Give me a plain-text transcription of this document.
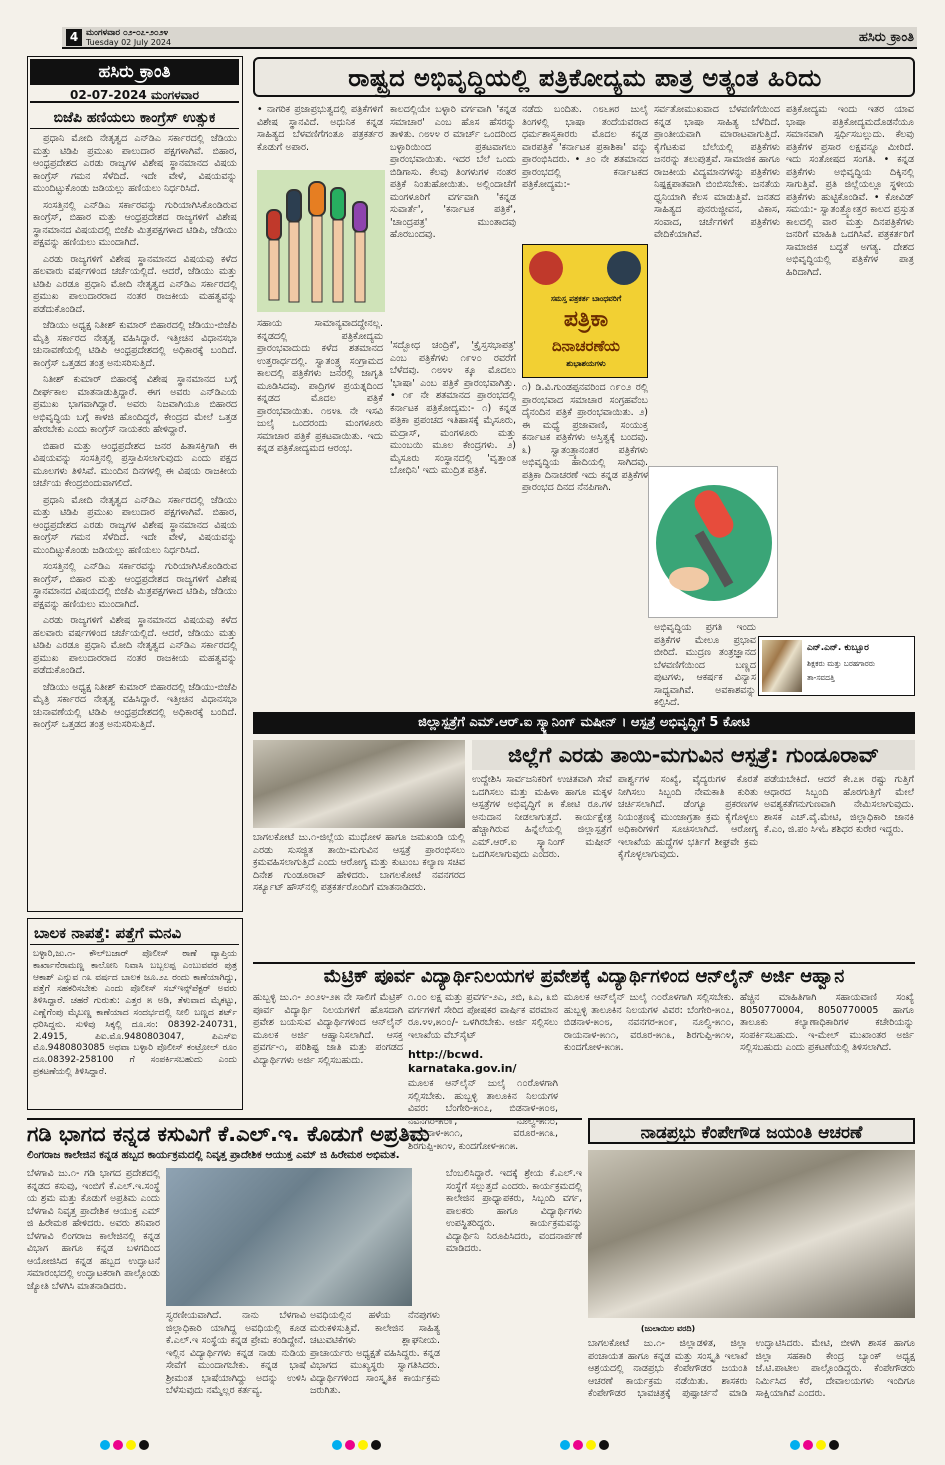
4 ಮಂಗಳವಾರ ೦೨-೦೭-೨೦೨೪
Tuesday 02 July 2024	ಹಸಿರು ಕ್ರಾಂತಿ
ಹಸಿರು ಕ್ರಾಂತಿ
02-07-2024 ಮಂಗಳವಾರ
ಬಿಜೆಪಿ ಹಣಿಯಲು ಕಾಂಗ್ರೆಸ್ ಉತ್ಸುಕ

ಪ್ರಧಾನಿ ಮೋದಿ ನೇತೃತ್ವದ ಎನ್‌ಡಿಎ ಸರ್ಕಾರದಲ್ಲಿ ಜೆಡಿಯು ಮತ್ತು ಟಿಡಿಪಿ ಪ್ರಮುಖ ಪಾಲುದಾರ ಪಕ್ಷಗಳಾಗಿವೆ. ಬಿಹಾರ, ಆಂಧ್ರಪ್ರದೇಶದ ಎರಡು ರಾಜ್ಯಗಳ ವಿಶೇಷ ಸ್ಥಾನಮಾನದ ವಿಷಯ ಕಾಂಗ್ರೆಸ್ ಗಮನ ಸೆಳೆದಿದೆ. ಇದೇ ವೇಳೆ, ವಿಷಯವನ್ನು ಮುಂದಿಟ್ಟುಕೊಂಡು ಜಡಿಯಲ್ಲು ಹಣಿಯಲು ನಿರ್ಧರಿಸಿದೆ.

ಸಂಸತ್ತಿನಲ್ಲಿ ಎನ್‌ಡಿಎ ಸರ್ಕಾರವನ್ನು ಗುರಿಯಾಗಿಸಿಕೊಂಡಿರುವ ಕಾಂಗ್ರೆಸ್, ಬಿಹಾರ ಮತ್ತು ಆಂಧ್ರಪ್ರದೇಶದ ರಾಜ್ಯಗಳಿಗೆ ವಿಶೇಷ ಸ್ಥಾನಮಾನದ ವಿಷಯದಲ್ಲಿ ಬಿಜೆಪಿ ಮಿತ್ರಪಕ್ಷಗಳಾದ ಟಿಡಿಪಿ, ಜೆಡಿಯು ಪಕ್ಷವನ್ನು ಹಣಿಯಲು ಮುಂದಾಗಿದೆ.

ಎರಡು ರಾಜ್ಯಗಳಿಗೆ ವಿಶೇಷ ಸ್ಥಾನಮಾನದ ವಿಷಯವು ಕಳೆದ ಹಲವಾರು ವರ್ಷಗಳಿಂದ ಚರ್ಚೆಯಲ್ಲಿದೆ. ಆದರೆ, ಜೆಡಿಯು ಮತ್ತು ಟಿಡಿಪಿ ಎರಡೂ ಪ್ರಧಾನಿ ಮೋದಿ ನೇತೃತ್ವದ ಎನ್‌ಡಿಎ ಸರ್ಕಾರದಲ್ಲಿ ಪ್ರಮುಖ ಪಾಲುದಾರರಾದ ನಂತರ ರಾಜಕೀಯ ಮಹತ್ವವನ್ನು ಪಡೆದುಕೊಂಡಿದೆ.

ಜೆಡಿಯು ಅಧ್ಯಕ್ಷ ನಿತೀಶ್ ಕುಮಾರ್ ಬಿಹಾರದಲ್ಲಿ ಜೆಡಿಯು-ಬಿಜೆಪಿ ಮೈತ್ರಿ ಸರ್ಕಾರದ ನೇತೃತ್ವ ವಹಿಸಿದ್ದಾರೆ. ಇತ್ತೀಚಿನ ವಿಧಾನಸಭಾ ಚುನಾವಣೆಯಲ್ಲಿ ಟಿಡಿಪಿ ಆಂಧ್ರಪ್ರದೇಶದಲ್ಲಿ ಅಧಿಕಾರಕ್ಕೆ ಬಂದಿದೆ. ಕಾಂಗ್ರೆಸ್ ಒತ್ತಡದ ತಂತ್ರ ಅನುಸರಿಸುತ್ತಿದೆ.

ನಿತೀಶ್ ಕುಮಾರ್ ಬಿಹಾರಕ್ಕೆ ವಿಶೇಷ ಸ್ಥಾನಮಾನದ ಬಗ್ಗೆ ದೀರ್ಘಕಾಲ ಮಾತನಾಡುತ್ತಿದ್ದಾರೆ. ಈಗ ಅವರು ಎನ್‌ಡಿಎಯ ಪ್ರಮುಖ ಭಾಗವಾಗಿದ್ದಾರೆ. ಅವರು ನಿಜವಾಗಿಯೂ ಬಿಹಾರದ ಅಭಿವೃದ್ಧಿಯ ಬಗ್ಗೆ ಕಾಳಜಿ ಹೊಂದಿದ್ದರೆ, ಕೇಂದ್ರದ ಮೇಲೆ ಒತ್ತಡ ಹೇರಬೇಕು ಎಂದು ಕಾಂಗ್ರೆಸ್ ನಾಯಕರು ಹೇಳಿದ್ದಾರೆ.

ಬಿಹಾರ ಮತ್ತು ಆಂಧ್ರಪ್ರದೇಶದ ಜನರ ಹಿತಾಸಕ್ತಿಗಾಗಿ ಈ ವಿಷಯವನ್ನು ಸಂಸತ್ತಿನಲ್ಲಿ ಪ್ರಸ್ತಾಪಿಸಲಾಗುವುದು ಎಂದು ಪಕ್ಷದ ಮೂಲಗಳು ತಿಳಿಸಿವೆ. ಮುಂದಿನ ದಿನಗಳಲ್ಲಿ ಈ ವಿಷಯ ರಾಜಕೀಯ ಚರ್ಚೆಯ ಕೇಂದ್ರಬಿಂದುವಾಗಲಿದೆ.

ಪ್ರಧಾನಿ ಮೋದಿ ನೇತೃತ್ವದ ಎನ್‌ಡಿಎ ಸರ್ಕಾರದಲ್ಲಿ ಜೆಡಿಯು ಮತ್ತು ಟಿಡಿಪಿ ಪ್ರಮುಖ ಪಾಲುದಾರ ಪಕ್ಷಗಳಾಗಿವೆ. ಬಿಹಾರ, ಆಂಧ್ರಪ್ರದೇಶದ ಎರಡು ರಾಜ್ಯಗಳ ವಿಶೇಷ ಸ್ಥಾನಮಾನದ ವಿಷಯ ಕಾಂಗ್ರೆಸ್ ಗಮನ ಸೆಳೆದಿದೆ. ಇದೇ ವೇಳೆ, ವಿಷಯವನ್ನು ಮುಂದಿಟ್ಟುಕೊಂಡು ಜಡಿಯಲ್ಲು ಹಣಿಯಲು ನಿರ್ಧರಿಸಿದೆ.

ಸಂಸತ್ತಿನಲ್ಲಿ ಎನ್‌ಡಿಎ ಸರ್ಕಾರವನ್ನು ಗುರಿಯಾಗಿಸಿಕೊಂಡಿರುವ ಕಾಂಗ್ರೆಸ್, ಬಿಹಾರ ಮತ್ತು ಆಂಧ್ರಪ್ರದೇಶದ ರಾಜ್ಯಗಳಿಗೆ ವಿಶೇಷ ಸ್ಥಾನಮಾನದ ವಿಷಯದಲ್ಲಿ ಬಿಜೆಪಿ ಮಿತ್ರಪಕ್ಷಗಳಾದ ಟಿಡಿಪಿ, ಜೆಡಿಯು ಪಕ್ಷವನ್ನು ಹಣಿಯಲು ಮುಂದಾಗಿದೆ.

ಎರಡು ರಾಜ್ಯಗಳಿಗೆ ವಿಶೇಷ ಸ್ಥಾನಮಾನದ ವಿಷಯವು ಕಳೆದ ಹಲವಾರು ವರ್ಷಗಳಿಂದ ಚರ್ಚೆಯಲ್ಲಿದೆ. ಆದರೆ, ಜೆಡಿಯು ಮತ್ತು ಟಿಡಿಪಿ ಎರಡೂ ಪ್ರಧಾನಿ ಮೋದಿ ನೇತೃತ್ವದ ಎನ್‌ಡಿಎ ಸರ್ಕಾರದಲ್ಲಿ ಪ್ರಮುಖ ಪಾಲುದಾರರಾದ ನಂತರ ರಾಜಕೀಯ ಮಹತ್ವವನ್ನು ಪಡೆದುಕೊಂಡಿದೆ.

ಜೆಡಿಯು ಅಧ್ಯಕ್ಷ ನಿತೀಶ್ ಕುಮಾರ್ ಬಿಹಾರದಲ್ಲಿ ಜೆಡಿಯು-ಬಿಜೆಪಿ ಮೈತ್ರಿ ಸರ್ಕಾರದ ನೇತೃತ್ವ ವಹಿಸಿದ್ದಾರೆ. ಇತ್ತೀಚಿನ ವಿಧಾನಸಭಾ ಚುನಾವಣೆಯಲ್ಲಿ ಟಿಡಿಪಿ ಆಂಧ್ರಪ್ರದೇಶದಲ್ಲಿ ಅಧಿಕಾರಕ್ಕೆ ಬಂದಿದೆ. ಕಾಂಗ್ರೆಸ್ ಒತ್ತಡದ ತಂತ್ರ ಅನುಸರಿಸುತ್ತಿದೆ.

ಬಾಲಕ ನಾಪತ್ತೆ: ಪತ್ತೆಗೆ ಮನವಿ
ಬಳ್ಳಾರಿ,ಜು.೧- ಕೌಲ್‌ಬಜಾರ್ ಪೊಲೀಸ್ ಠಾಣೆ ವ್ಯಾಪ್ತಿಯ ಕಾರ್ಖಾನೆರಾಮಣ್ಣ ಕಾಲೋನಿ ನಿವಾಸಿ ಬಬ್ಬಲಪ್ಪ ಎಂಬುವವರ ಪುತ್ರ ಆಕಾಶ್ ಎನ್ನುವ ೧೩ ವರ್ಷದ ಬಾಲಕ ಜೂ.೨೭ ರಂದು ಕಾಣೆಯಾಗಿದ್ದು, ಪತ್ತೆಗೆ ಸಹಕರಿಸಬೇಕು ಎಂದು ಪೊಲೀಸ್ ಸಬ್‌ಇನ್ಸ್‌ಪೆಕ್ಟರ್ ಅವರು ತಿಳಿಸಿದ್ದಾರೆ. ಚಹರೆ ಗುರುತು: ಎತ್ತರ ೫ ಅಡಿ, ತೆಳುವಾದ ಮೈಕಟ್ಟು, ಎಣ್ಣೆಗೆಂಪು ಮೈಬಣ್ಣ ಕಾಣೆಯಾದ ಸಂದರ್ಭದಲ್ಲಿ ನೀಲಿ ಬಣ್ಣದ ಶರ್ಟ್ ಧರಿಸಿದ್ದನು. ಸುಳಿವು ಸಿಕ್ಕಲ್ಲಿ ದೂ.ಸಂ: 08392-240731, 2.4915, ಪಿಐ.ಮೊ.9480803047, ಪಿಎಸ್‌ಐ ಮೊ.9480803085 ಅಥವಾ ಬಳ್ಳಾರಿ ಪೊಲೀಸ್ ಕಂಟ್ರೋಲ್ ರೂಂ ದೂ.08392-258100 ಗೆ ಸಂಪರ್ಕಿಸಬಹುದು ಎಂದು ಪ್ರಕಟಣೆಯಲ್ಲಿ ತಿಳಿಸಿದ್ದಾರೆ.
ರಾಷ್ಟ್ರದ ಅಭಿವೃದ್ಧಿಯಲ್ಲಿ ಪತ್ರಿಕೋದ್ಯಮ ಪಾತ್ರ ಅತ್ಯಂತ ಹಿರಿದು
• ನಾಗರಿಕ ಪ್ರಜಾಪ್ರಭುತ್ವದಲ್ಲಿ ಪತ್ರಿಕೆಗಳಿಗೆ ವಿಶೇಷ ಸ್ಥಾನವಿದೆ. ಅಧುನಿಕ ಕನ್ನಡ ಸಾಹಿತ್ಯದ ಬೆಳವಣಿಗೆಗಂತೂ ಪತ್ರಕರ್ತರ ಕೊಡುಗೆ ಅಪಾರ.
ಸಹಾಯ ಸಾಮಾನ್ಯವಾದದ್ದೇನಲ್ಲ. ಕನ್ನಡದಲ್ಲಿ ಪತ್ರಿಕೋದ್ಯಮ ಪ್ರಾರಂಭವಾದುದು ಕಳೆದ ಶತಮಾನದ ಉತ್ತರಾರ್ಧದಲ್ಲಿ. ಸ್ವಾತಂತ್ರ್ಯ ಸಂಗ್ರಾಮದ ಕಾಲದಲ್ಲಿ ಪತ್ರಿಕೆಗಳು ಜನರಲ್ಲಿ ಜಾಗೃತಿ ಮೂಡಿಸಿದವು. ಪಾದ್ರಿಗಳ ಪ್ರಯತ್ನದಿಂದ ಕನ್ನಡದ ಮೊದಲ ಪತ್ರಿಕೆ ಪ್ರಾರಂಭವಾಯಿತು. ೧೮೪೩ ನೇ ಇಸವಿ ಜುಲೈ ಒಂದರಂದು ಮಂಗಳೂರು ಸಮಾಚಾರ ಪತ್ರಿಕೆ ಪ್ರಕಟವಾಯಿತು. ಇದು ಕನ್ನಡ ಪತ್ರಿಕೋದ್ಯಮದ ಆರಂಭ.
ಕಾಲದಲ್ಲಿಯೇ ಬಳ್ಳಾರಿ ವರ್ಗವಾಗಿ 'ಕನ್ನಡ ಸಮಾಚಾರ' ಎಂಬ ಹೊಸ ಹೆಸರನ್ನು ತಾಳಿತು. ೧೮೪೪ ರ ಮಾರ್ಚ್ ಒಂದರಿಂದ ಬಳ್ಳಾರಿಯಿಂದ ಪ್ರಕಟವಾಗಲು ಪ್ರಾರಂಭವಾಯಿತು. ಇದರ ಬೆಲೆ ಒಂದು ಬಿಡಿಗಾಸು. ಕೆಲವು ತಿಂಗಳುಗಳ ನಂತರ ಪತ್ರಿಕೆ ನಿಂತುಹೋಯಿತು. ಅಲ್ಲಿಂದಾಚೆಗೆ ಮಂಗಳೂರಿಗೆ ವರ್ಗವಾಗಿ 'ಕನ್ನಡ ಸುವಾರ್ತೆ', 'ಕರ್ನಾಟಕ ಪತ್ರಿಕೆ', 'ಚಾಂದ್ರಪತ್ರ' ಮುಂತಾದವು ಹೊರಬಂದವು.
'ಸದ್ಬೋಧ ಚಂದ್ರಿಕೆ', 'ಕ್ರೈಸ್ತಸಭಾಪತ್ರ' ಎಂಬ ಪತ್ರಿಕೆಗಳು ೧೯೪೦ ರವರೆಗೆ ಬೆಳೆದವು. ೧೮೪೪ ಕ್ಕೂ ಮೊದಲು 'ಭಾಷಾ' ಎಂಬ ಪತ್ರಿಕೆ ಪ್ರಾರಂಭವಾಗಿತ್ತು. • ೧೯ ನೇ ಶತಮಾನದ ಪ್ರಾರಂಭದಲ್ಲಿ ಕರ್ನಾಟಕ ಪತ್ರಿಕೋದ್ಯಮ:- ೧) ಕನ್ನಡ ಪತ್ರಿಕಾ ಪ್ರಪಂಚದ ಇತಿಹಾಸಕ್ಕೆ ಮೈಸೂರು, ಮದ್ರಾಸ್, ಮಂಗಳೂರು ಮತ್ತು ಮುಂಬಯಿ ಮೂಲ ಕೇಂದ್ರಗಳು. ೨) ಮೈಸೂರು ಸಂಸ್ಥಾನದಲ್ಲಿ 'ವೃತ್ತಾಂತ ಬೋಧಿನಿ' ಇದು ಮುದ್ರಿತ ಪತ್ರಿಕೆ.
ನಡೆದು ಬಂದಿತು. ೧೮೬೫ರ ಜುಲೈ ತಿಂಗಳಲ್ಲಿ ಭಾಷಾ ತಂದೆಯವರಾದ ಧರ್ಮಶಾಸ್ತ್ರಕಾರರು ಮೊದಲ ಕನ್ನಡ ವಾರಪತ್ರಿಕೆ 'ಕರ್ನಾಟಕ ಪ್ರಕಾಶಿಕಾ' ವನ್ನು ಪ್ರಾರಂಭಿಸಿದರು. • ೨೦ ನೇ ಶತಮಾನದ ಪ್ರಾರಂಭದಲ್ಲಿ ಕರ್ನಾಟಕದ ಪತ್ರಿಕೋದ್ಯಮ:-
ಸಮಸ್ತ ಪತ್ರಕರ್ತ ಬಾಂಧವರಿಗೆ
ಪತ್ರಿಕಾ
ದಿನಾಚರಣೆಯ
ಶುಭಾಶಯಗಳು
೧) ಡಿ.ವಿ.ಗುಂಡಪ್ಪನವರಿಂದ ೧೯೦೨ ರಲ್ಲಿ ಪ್ರಾರಂಭವಾದ ಸಮಾಚಾರ ಸಂಗ್ರಹವೆಂಬ ದೈನಂದಿನ ಪತ್ರಿಕೆ ಪ್ರಾರಂಭವಾಯಿತು. ೨) ಈ ಮಧ್ಯೆ ಪ್ರಜಾವಾಣಿ, ಸಂಯುಕ್ತ ಕರ್ನಾಟಕ ಪತ್ರಿಕೆಗಳು ಅಸ್ತಿತ್ವಕ್ಕೆ ಬಂದವು. ೩) ಸ್ವಾತಂತ್ರ್ಯಾನಂತರ ಪತ್ರಿಕೆಗಳು ಅಭಿವೃದ್ಧಿಯ ಹಾದಿಯಲ್ಲಿ ಸಾಗಿದವು. ಪತ್ರಿಕಾ ದಿನಾಚರಣೆ ಇದು ಕನ್ನಡ ಪತ್ರಿಕೆಗಳ ಪ್ರಾರಂಭದ ದಿನದ ನೆನಪಿಗಾಗಿ.
ಸರ್ವತೋಮುಖವಾದ ಬೆಳವಣಿಗೆಯಿಂದ ಕನ್ನಡ ಭಾಷಾ ಸಾಹಿತ್ಯ ಬೆಳೆದಿದೆ. ಪ್ರಾಂತೀಯವಾಗಿ ಮಾರಾಟವಾಗುತ್ತಿದೆ. ಕೈಗೆಟಕುವ ಬೆಲೆಯಲ್ಲಿ ಪತ್ರಿಕೆಗಳು ಜನರನ್ನು ತಲುಪುತ್ತವೆ. ಸಾಮಾಜಿಕ ಹಾಗೂ ರಾಜಕೀಯ ವಿದ್ಯಮಾನಗಳನ್ನು ಪತ್ರಿಕೆಗಳು ನಿಷ್ಪಕ್ಷಪಾತವಾಗಿ ಬಿಂಬಿಸಬೇಕು. ಜನತೆಯ ಧ್ವನಿಯಾಗಿ ಕೆಲಸ ಮಾಡುತ್ತಿವೆ. ಜನತದ ಸಾಹಿತ್ಯದ ಪುನರುಜ್ಜೀವನ, ವಿಕಾಸ, ಸಂವಾದ, ಚರ್ಚೆಗಳಿಗೆ ಪತ್ರಿಕೆಗಳು ವೇದಿಕೆಯಾಗಿವೆ.
ಅಭಿವೃದ್ಧಿಯ ಪ್ರಗತಿ ಇಂದು ಪತ್ರಿಕೆಗಳ ಮೇಲೂ ಪ್ರಭಾವ ಬೀರಿದೆ. ಮುದ್ರಣ ತಂತ್ರಜ್ಞಾನದ ಬೆಳವಣಿಗೆಯಿಂದ ಬಣ್ಣದ ಪುಟಗಳು, ಆಕರ್ಷಕ ವಿನ್ಯಾಸ ಸಾಧ್ಯವಾಗಿವೆ. ಅವಕಾಶವನ್ನು ಕಲ್ಪಿಸಿದೆ.
ಪತ್ರಿಕೋದ್ಯಮ ಇಂದು ಇತರ ಯಾವ ಭಾಷಾ ಪತ್ರಿಕೋದ್ಯಮದೊಡನೆಯೂ ಸಮಾನವಾಗಿ ಸ್ಪರ್ಧಿಸಬಲ್ಲುದು. ಕೆಲವು ಪತ್ರಿಕೆಗಳ ಪ್ರಸಾರ ಲಕ್ಷವನ್ನೂ ಮೀರಿದೆ. ಇದು ಸಂತೋಷದ ಸಂಗತಿ. • ಕನ್ನಡ ಪತ್ರಿಕೆಗಳು ಅಭಿವೃದ್ಧಿಯ ದಿಕ್ಕಿನಲ್ಲಿ ಸಾಗುತ್ತಿವೆ. ಪ್ರತಿ ಜಿಲ್ಲೆಯಲ್ಲೂ ಸ್ಥಳೀಯ ಪತ್ರಿಕೆಗಳು ಹುಟ್ಟಿಕೊಂಡಿವೆ. • ಕೋವಿಡ್ ಸಮಯ:- ಸ್ವಾತಂತ್ರ್ಯೋತ್ತರ ಕಾಲದ ಪ್ರಸ್ತುತ ಕಾಲದಲ್ಲಿ ವಾರ ಮತ್ತು ದಿನಪತ್ರಿಕೆಗಳು ಜನರಿಗೆ ಮಾಹಿತಿ ಒದಗಿಸಿವೆ. ಪತ್ರಕರ್ತರಿಗೆ ಸಾಮಾಜಿಕ ಬದ್ಧತೆ ಅಗತ್ಯ. ದೇಶದ ಅಭಿವೃದ್ಧಿಯಲ್ಲಿ ಪತ್ರಿಕೆಗಳ ಪಾತ್ರ ಹಿರಿದಾಗಿದೆ.
ಎನ್.ಎನ್. ಕುಬ್ಬೂರ
ಶಿಕ್ಷಕರು ಮತ್ತು ಬರಹಗಾರರು
ತಾ-ಸವದತ್ತಿ
ಜಿಲ್ಲಾಸ್ಪತ್ರೆಗೆ ಎಮ್.ಆರ್.ಐ ಸ್ಕ್ಯಾನಿಂಗ್ ಮಷೀನ್ । ಆಸ್ಪತ್ರೆ ಅಭಿವೃದ್ಧಿಗೆ 5 ಕೋಟಿ
ಜಿಲ್ಲೆಗೆ ಎರಡು ತಾಯಿ-ಮಗುವಿನ ಆಸ್ಪತ್ರೆ: ಗುಂಡೂರಾವ್
ಬಾಗಲಕೋಟೆ ಜು.೧-ಜಿಲ್ಲೆಯ ಮುಧೋಳ ಹಾಗೂ ಜಮಖಂಡಿ ಯಲ್ಲಿ ಎರಡು ಸುಸಜ್ಜಿತ ತಾಯಿ-ಮಗುವಿನ ಆಸ್ಪತ್ರೆ ಪ್ರಾರಂಭಿಸಲು ಕ್ರಮವಹಿಸಲಾಗುತ್ತಿದೆ ಎಂದು ಆರೋಗ್ಯ ಮತ್ತು ಕುಟುಂಬ ಕಲ್ಯಾಣ ಸಚಿವ ದಿನೇಶ ಗುಂಡೂರಾವ್ ಹೇಳಿದರು. ಬಾಗಲಕೋಟೆ ನವನಗರದ ಸರ್ಕ್ಯೂಟ್ ಹೌಸ್‌ನಲ್ಲಿ ಪತ್ರಕರ್ತರೊಂದಿಗೆ ಮಾತನಾಡಿದರು.
ಉದ್ದೇಶಿಸಿ ಸಾರ್ವಜನಿಕರಿಗೆ ಉಚಿತವಾಗಿ ಸೇವೆ ಒದಗಿಸಲು ಮತ್ತು ಮಹಿಳಾ ಹಾಗೂ ಮಕ್ಕಳ ಆಸ್ಪತ್ರೆಗಳ ಅಭಿವೃದ್ಧಿಗೆ ೫ ಕೋಟಿ ರೂ.ಗಳ ಅನುದಾನ ನೀಡಲಾಗುತ್ತದೆ. ಕಾರ್ಯಕ್ಷೇತ್ರ ಹೆಚ್ಚಾಗಿರುವ ಹಿನ್ನೆಲೆಯಲ್ಲಿ ಜಿಲ್ಲಾಸ್ಪತ್ರೆಗೆ ಎಮ್.ಆರ್.ಐ ಸ್ಕ್ಯಾನಿಂಗ್ ಮಷೀನ್ ಒದಗಿಸಲಾಗುವುದು ಎಂದರು.
ಪಾರ್ಶ್ವಗಳ ಸಂಖ್ಯೆ, ವೈದ್ಯರುಗಳ ಕೊರತೆ ನೀಗಿಸಲು ಸಿಬ್ಬಂದಿ ನೇಮಕಾತಿ ಕುರಿತು ಚರ್ಚಿಸಲಾಗಿದೆ. ಡೆಂಗ್ಯೂ ಪ್ರಕರಣಗಳ ನಿಯಂತ್ರಣಕ್ಕೆ ಮುಂಜಾಗ್ರತಾ ಕ್ರಮ ಕೈಗೊಳ್ಳಲು ಅಧಿಕಾರಿಗಳಿಗೆ ಸೂಚಿಸಲಾಗಿದೆ. ಆರೋಗ್ಯ ಇಲಾಖೆಯ ಹುದ್ದೆಗಳ ಭರ್ತಿಗೆ ಶೀಘ್ರವೇ ಕ್ರಮ ಕೈಗೊಳ್ಳಲಾಗುವುದು.
ಪಡೆಯಬೇಕಿದೆ. ಆದರೆ ಕೇ.೭೫ ರಷ್ಟು ಗುತ್ತಿಗೆ ಆಧಾರದ ಸಿಬ್ಬಂದಿ ಹೊರಗುತ್ತಿಗೆ ಮೇಲೆ ಅವಶ್ಯಕತೆಗನುಗುಣವಾಗಿ ನೇಮಿಸಲಾಗುವುದು. ಶಾಸಕ ಎಚ್.ವೈ.ಮೇಟಿ, ಜಿಲ್ಲಾಧಿಕಾರಿ ಜಾನಕಿ ಕೆ.ಎಂ, ಜಿ.ಪಂ ಸಿಇಓ ಶಶಿಧರ ಕುರೇರ ಇದ್ದರು.
ಮೆಟ್ರಿಕ್ ಪೂರ್ವ ವಿದ್ಯಾರ್ಥಿನಿಲಯಗಳ ಪ್ರವೇಶಕ್ಕೆ ವಿದ್ಯಾರ್ಥಿಗಳಿಂದ ಆನ್‌ಲೈನ್ ಅರ್ಜಿ ಆಹ್ವಾನ
ಹುಬ್ಬಳ್ಳಿ ಜು.೧- ೨೦೨೪-೨೫ ನೇ ಸಾಲಿಗೆ ಮೆಟ್ರಿಕ್ ಪೂರ್ವ ವಿದ್ಯಾರ್ಥಿ ನಿಲಯಗಳಿಗೆ ಹೊಸದಾಗಿ ಪ್ರವೇಶ ಬಯಸುವ ವಿದ್ಯಾರ್ಥಿಗಳಿಂದ ಆನ್‌ಲೈನ್ ಮೂಲಕ ಅರ್ಜಿ ಆಹ್ವಾನಿಸಲಾಗಿದೆ. ಆಸಕ್ತ ಪ್ರವರ್ಗ-೧, ಪರಿಶಿಷ್ಟ ಜಾತಿ ಮತ್ತು ಪಂಗಡದ ವಿದ್ಯಾರ್ಥಿಗಳು ಅರ್ಜಿ ಸಲ್ಲಿಸಬಹುದು.
೧.೦೦ ಲಕ್ಷ ಮತ್ತು ಪ್ರವರ್ಗ-೨ಎ, ೨ಬಿ, ೩ಎ, ೩ಬಿ ವರ್ಗಗಳಿಗೆ ಸೇರಿದ ಪೋಷಕರ ವಾರ್ಷಿಕ ವರಮಾನ ರೂ.೪೪,೫೦೦/- ಒಳಗಿರಬೇಕು. ಅರ್ಜಿ ಸಲ್ಲಿಸಲು ಇಲಾಖೆಯ ವೆಬ್‌ಸೈಟ್
http://bcwd. karnataka.gov.in/
ಮೂಲಕ ಆನ್‌ಲೈನ್ ಜುಲೈ ೧೦ರೊಳಗಾಗಿ ಸಲ್ಲಿಸಬೇಕು. ಹುಬ್ಬಳ್ಳಿ ತಾಲೂಕಿನ ನಿಲಯಗಳ ವಿವರ: ಬೆಂಗೇರಿ-೫೦೭, ಬಿಡನಾಳ-೫೦೮, ನವನಗರ-೫೦೯, ನೂಲ್ವಿ-೫೧೦, ರಾಯನಾಳ-೫೧೧, ವರೂರ-೫೧೩, ಶಿರಗುಪ್ಪಿ-೫೧೪, ಕುಂದಗೋಳ-೫೧೫.
ಮೂಲಕ ಆನ್‌ಲೈನ್ ಜುಲೈ ೧೦ರೊಳಗಾಗಿ ಸಲ್ಲಿಸಬೇಕು. ಹುಬ್ಬಳ್ಳಿ ತಾಲೂಕಿನ ನಿಲಯಗಳ ವಿವರ: ಬೆಂಗೇರಿ-೫೦೭, ಬಿಡನಾಳ-೫೦೮, ನವನಗರ-೫೦೯, ನೂಲ್ವಿ-೫೧೦, ರಾಯನಾಳ-೫೧೧, ವರೂರ-೫೧೩, ಶಿರಗುಪ್ಪಿ-೫೧೪, ಕುಂದಗೋಳ-೫೧೫.
ಹೆಚ್ಚಿನ ಮಾಹಿತಿಗಾಗಿ ಸಹಾಯವಾಣಿ ಸಂಖ್ಯೆ 8050770004, 8050770005 ಹಾಗೂ ತಾಲೂಕು ಕಲ್ಯಾಣಾಧಿಕಾರಿಗಳ ಕಚೇರಿಯನ್ನು ಸಂಪರ್ಕಿಸಬಹುದು. ಇ-ಮೇಲ್ ಮುಖಾಂತರ ಅರ್ಜಿ ಸಲ್ಲಿಸಬಹುದು ಎಂದು ಪ್ರಕಟಣೆಯಲ್ಲಿ ತಿಳಿಸಲಾಗಿದೆ.
ಗಡಿ ಭಾಗದ ಕನ್ನಡ ಕಸುವಿಗೆ ಕೆ.ಎಲ್.ಇ. ಕೊಡುಗೆ ಅಪ್ರತಿಮ
ಲಿಂಗರಾಜ ಕಾಲೇಜಿನ ಕನ್ನಡ ಹಬ್ಬದ ಕಾರ್ಯಕ್ರಮದಲ್ಲಿ ನಿವೃತ್ತ ಪ್ರಾದೇಶಿಕ ಆಯುಕ್ತ ಎಮ್ ಜಿ ಹಿರೇಮಠ ಅಭಿಮತ.
ಬೆಳಗಾವಿ ಜು.೧- ಗಡಿ ಭಾಗದ ಪ್ರದೇಶದಲ್ಲಿ ಕನ್ನಡದ ಕಸುವು, ಇಂಬಿಗೆ ಕೆ.ಎಲ್.ಇ.ಸಂಸ್ಥೆ ಯ ಶ್ರಮ ಮತ್ತು ಕೊಡುಗೆ ಅಪ್ರತಿಮ ಎಂದು ಬೆಳಗಾವಿ ನಿವೃತ್ತ ಪ್ರಾದೇಶಿಕ ಆಯುಕ್ತ ಎಮ್ ಜಿ ಹಿರೇಮಠ ಹೇಳಿದರು. ಅವರು ಶನಿವಾರ ಬೆಳಗಾವಿ ಲಿಂಗರಾಜ ಕಾಲೇಜಿನಲ್ಲಿ ಕನ್ನಡ ವಿಭಾಗ ಹಾಗೂ ಕನ್ನಡ ಬಳಗದಿಂದ ಆಯೋಜಿಸಿದ ಕನ್ನಡ ಹಬ್ಬದ ಉದ್ಘಾಟನೆ ಸಮಾರಂಭದಲ್ಲಿ ಉದ್ಘಾಟಕರಾಗಿ ಪಾಲ್ಗೊಂಡು ಜ್ಯೋತಿ ಬೆಳಗಿಸಿ ಮಾತನಾಡಿದರು.
ಸ್ವರಣೀಯವಾಗಿದೆ. ನಾನು ಬೆಳಗಾವಿ ಜಿಲ್ಲಾಧಿಕಾರಿ ಯಾಗಿದ್ದ ಅವಧಿಯಲ್ಲಿ ಕೂಡ ಕೆ.ಎಲ್.ಇ ಸಂಸ್ಥೆಯ ಕನ್ನಡ ಪ್ರೇಮ ಕಂಡಿದ್ದೇನೆ. ಇಲ್ಲಿನ ವಿದ್ಯಾರ್ಥಿಗಳು ಕನ್ನಡ ನಾಡು ನುಡಿಯ ಸೇವೆಗೆ ಮುಂದಾಗಬೇಕು. ಕನ್ನಡ ಭಾಷೆ ಶ್ರೀಮಂತ ಭಾಷೆಯಾಗಿದ್ದು ಅದನ್ನು ಉಳಿಸಿ ಬೆಳೆಸುವುದು ನಮ್ಮೆಲ್ಲರ ಕರ್ತವ್ಯ.
ಅವಧಿಯಲ್ಲಿನ ಹಳೆಯ ನೆನಪುಗಳು ಮರುಕಳಿಸುತ್ತಿವೆ. ಕಾಲೇಜಿನ ಸಾಹಿತ್ಯ ಚಟುವಟಿಕೆಗಳು ಶ್ಲಾಘನೀಯ. ಪ್ರಾಚಾರ್ಯರು ಅಧ್ಯಕ್ಷತೆ ವಹಿಸಿದ್ದರು. ಕನ್ನಡ ವಿಭಾಗದ ಮುಖ್ಯಸ್ಥರು ಸ್ವಾಗತಿಸಿದರು. ವಿದ್ಯಾರ್ಥಿಗಳಿಂದ ಸಾಂಸ್ಕೃತಿಕ ಕಾರ್ಯಕ್ರಮ ಜರುಗಿತು.
ಬೆಂಬಲಿಸಿದ್ದಾರೆ. ಇದಕ್ಕೆ ಶ್ರೇಯ ಕೆ.ಎಲ್.ಇ ಸಂಸ್ಥೆಗೆ ಸಲ್ಲುತ್ತದೆ ಎಂದರು. ಕಾರ್ಯಕ್ರಮದಲ್ಲಿ ಕಾಲೇಜಿನ ಪ್ರಾಧ್ಯಾಪಕರು, ಸಿಬ್ಬಂದಿ ವರ್ಗ, ಪಾಲಕರು ಹಾಗೂ ವಿದ್ಯಾರ್ಥಿಗಳು ಉಪಸ್ಥಿತರಿದ್ದರು. ಕಾರ್ಯಕ್ರಮವನ್ನು ವಿದ್ಯಾರ್ಥಿನಿ ನಿರೂಪಿಸಿದರು, ವಂದನಾರ್ಪಣೆ ಮಾಡಿದರು.
ನಾಡಪ್ರಭು ಕೆಂಪೇಗೌಡ ಜಯಂತಿ ಆಚರಣೆ
(ಜುಲಾಯಿಲ ವರದಿ)
ಬಾಗಲಕೋಟೆ ಜು.೧- ಜಿಲ್ಲಾಡಳಿತ, ಜಿಲ್ಲಾ ಪಂಚಾಯತ ಹಾಗೂ ಕನ್ನಡ ಮತ್ತು ಸಂಸ್ಕೃತಿ ಇಲಾಖೆ ಆಶ್ರಯದಲ್ಲಿ ನಾಡಪ್ರಭು ಕೆಂಪೇಗೌಡರ ಜಯಂತಿ ಆಚರಣೆ ಕಾರ್ಯಕ್ರಮ ನಡೆಯಿತು. ಶಾಸಕರು ಕೆಂಪೇಗೌಡರ ಭಾವಚಿತ್ರಕ್ಕೆ ಪುಷ್ಪಾರ್ಚನೆ ಮಾಡಿ ಉದ್ಘಾಟಿಸಿದರು. ಮೇಟಿ, ಬೀಳಗಿ ಶಾಸಕ ಹಾಗೂ ಜಿಲ್ಲಾ ಸಹಕಾರಿ ಕೇಂದ್ರ ಬ್ಯಾಂಕ್ ಅಧ್ಯಕ್ಷ ಜೆ.ಟಿ.ಪಾಟೀಲ ಪಾಲ್ಗೊಂಡಿದ್ದರು. ಕೆಂಪೇಗೌಡರು ನಿರ್ಮಿಸಿದ ಕೆರೆ, ದೇವಾಲಯಗಳು ಇಂದಿಗೂ ಸಾಕ್ಷಿಯಾಗಿವೆ ಎಂದರು.
